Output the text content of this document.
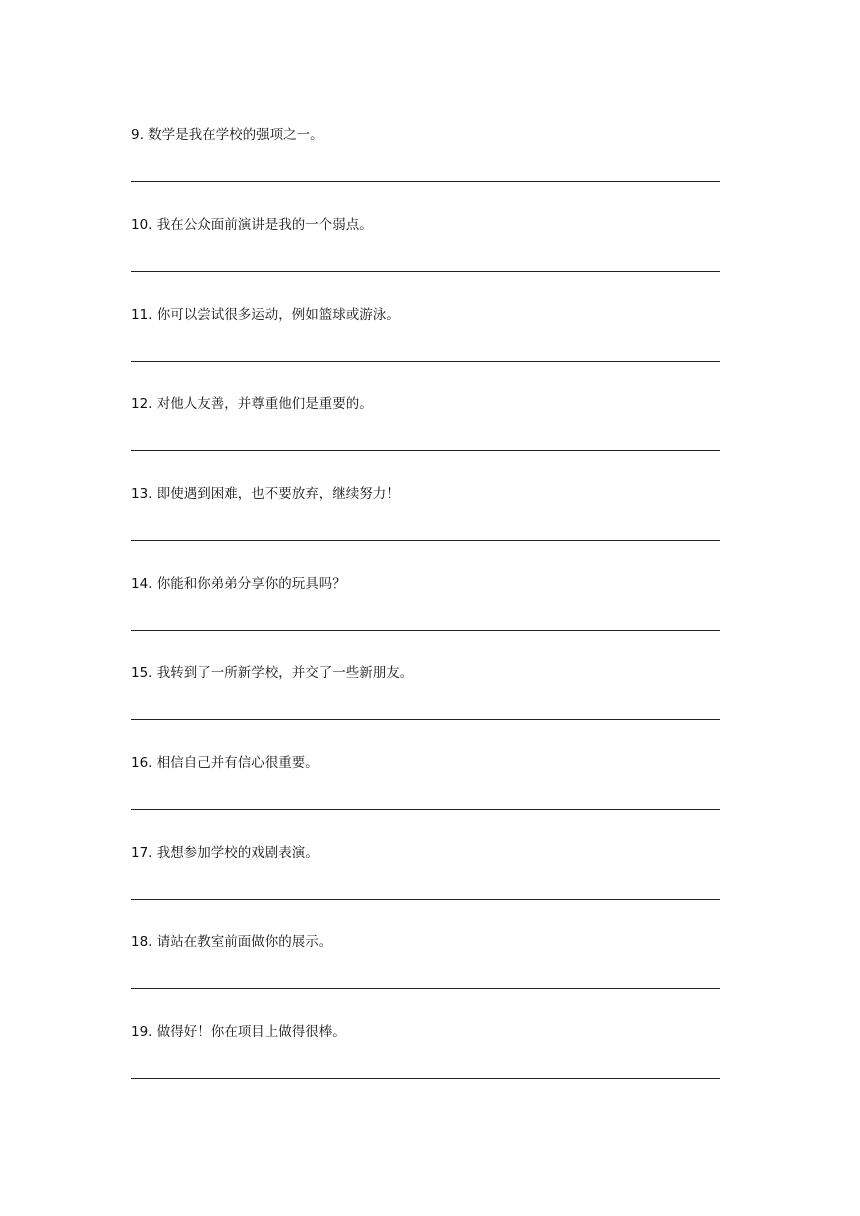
9. 数学是我在学校的强项之一。
10. 我在公众面前演讲是我的一个弱点。
11. 你可以尝试很多运动，例如篮球或游泳。
12. 对他人友善，并尊重他们是重要的。
13. 即使遇到困难，也不要放弃，继续努力！
14. 你能和你弟弟分享你的玩具吗？
15. 我转到了一所新学校，并交了一些新朋友。
16. 相信自己并有信心很重要。
17. 我想参加学校的戏剧表演。
18. 请站在教室前面做你的展示。
19. 做得好！你在项目上做得很棒。
